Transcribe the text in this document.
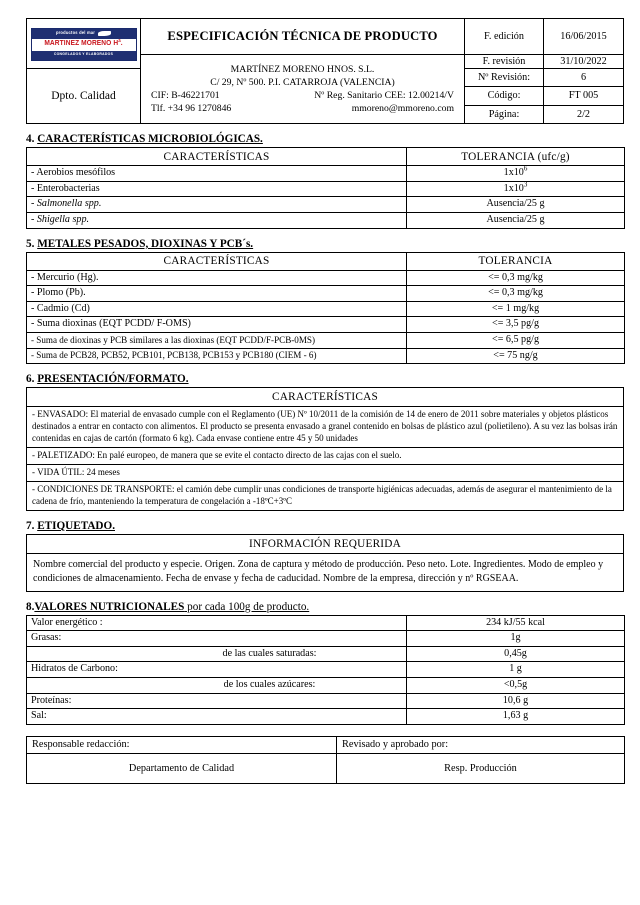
productos del mar
MARTINEZ MORENO Hª.
CONGELADOS Y ELABORADOS	ESPECIFICACIÓN TÉCNICA DE PRODUCTO	F. edición	16/06/2015

MARTÍNEZ MORENO HNOS. S.L.
C/ 29, Nº 500. P.I. CATARROJA (VALENCIA)
CIF: B-46221701	Nº Reg. Sanitario CEE: 12.00214/V
Tlf. +34 96 1270846	mmoreno@mmoreno.com
	F. revisión	31/10/2022
Dpto. Calidad		Nº Revisión:	6
		Código:	FT 005
		Página:	2/2
4. CARACTERÍSTICAS MICROBIOLÓGICAS.
CARACTERÍSTICAS	TOLERANCIA (ufc/g)
- Aerobios mesófilos	$1x10^6$
- Enterobacterias	$1x10^3$
- Salmonella spp.	Ausencia/25 g
- Shigella spp.	Ausencia/25 g
5. METALES PESADOS, DIOXINAS Y PCB´s.
CARACTERÍSTICAS	TOLERANCIA
- Mercurio (Hg).	<= 0,3 mg/kg
- Plomo (Pb).	<= 0,3 mg/kg
- Cadmio (Cd)	<= 1 mg/kg
- Suma dioxinas (EQT PCDD/ F-OMS)	<= 3,5 pg/g
- Suma de dioxinas y PCB similares a las dioxinas (EQT PCDD/F-PCB-0MS)	<= 6,5 pg/g
- Suma de PCB28, PCB52, PCB101, PCB138, PCB153 y PCB180 (CIEM - 6)	<= 75 ng/g
6. PRESENTACIÓN/FORMATO.
CARACTERÍSTICAS
- ENVASADO: El material de envasado cumple con el Reglamento (UE) Nº 10/2011 de la comisión de 14 de enero de 2011 sobre materiales y objetos plásticos destinados a entrar en contacto con alimentos. El producto se presenta envasado a granel contenido en bolsas de plástico azul (polietileno). A su vez las bolsas irán contenidas en cajas de cartón (formato 6 kg). Cada envase contiene entre 45 y 50 unidades
- PALETIZADO: En palé europeo, de manera que se evite el contacto directo de las cajas con el suelo.
- VIDA ÚTIL: 24 meses
- CONDICIONES DE TRANSPORTE: el camión debe cumplir unas condiciones de transporte higiénicas adecuadas, además de asegurar el mantenimiento de la cadena de frío, manteniendo la temperatura de congelación a -18ºC+3ºC
7. ETIQUETADO.
INFORMACIÓN REQUERIDA
Nombre comercial del producto y especie. Origen. Zona de captura y método de producción. Peso neto. Lote. Ingredientes. Modo de empleo y condiciones de almacenamiento. Fecha de envase y fecha de caducidad. Nombre de la empresa, dirección y nº RGSEAA.
8.VALORES NUTRICIONALES por cada 100g de producto.
Valor energético :	234 kJ/55 kcal
Grasas:	1g
de las cuales saturadas:	0,45g
Hidratos de Carbono:	1 g
de los cuales azúcares:	<0,5g
Proteínas:	10,6 g
Sal:	1,63 g
Responsable redacción:	Revisado y aprobado por:
Departamento de Calidad	Resp. Producción
